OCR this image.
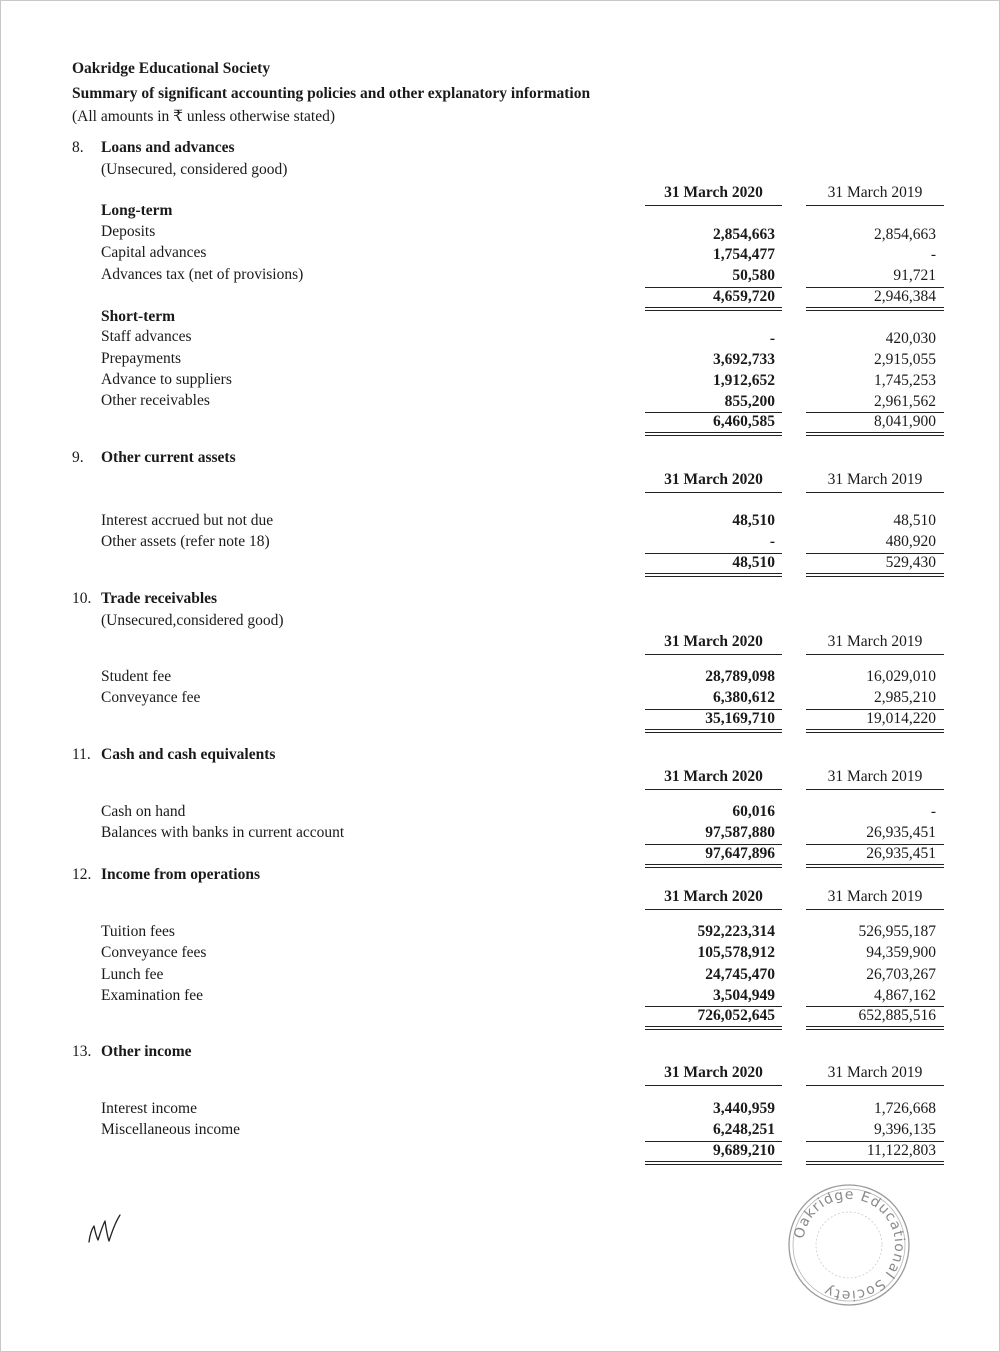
Oakridge Educational Society
Summary of significant accounting policies and other explanatory information
(All amounts in ₹ unless otherwise stated)
8. Loans and advances
(Unsecured, considered good)
31 March 2020	31 March 2019
Long-term
Deposits	2,854,663	2,854,663
Capital advances	1,754,477	-
Advances tax (net of provisions)	50,580	91,721
4,659,720	2,946,384
Short-term
Staff advances	-	420,030
Prepayments	3,692,733	2,915,055
Advance to suppliers	1,912,652	1,745,253
Other receivables	855,200	2,961,562
6,460,585	8,041,900
9. Other current assets
31 March 2020	31 March 2019
Interest accrued but not due	48,510	48,510
Other assets (refer note 18)	-	480,920
48,510	529,430
10. Trade receivables
(Unsecured,considered good)
31 March 2020	31 March 2019
Student fee	28,789,098	16,029,010
Conveyance fee	6,380,612	2,985,210
35,169,710	19,014,220
11. Cash and cash equivalents
31 March 2020	31 March 2019
Cash on hand	60,016	-
Balances with banks in current account	97,587,880	26,935,451
97,647,896	26,935,451
12. Income from operations
31 March 2020	31 March 2019
Tuition fees	592,223,314	526,955,187
Conveyance fees	105,578,912	94,359,900
Lunch fee	24,745,470	26,703,267
Examination fee	3,504,949	4,867,162
726,052,645	652,885,516
13. Other income
31 March 2020	31 March 2019
Interest income	3,440,959	1,726,668
Miscellaneous income	6,248,251	9,396,135
9,689,210	11,122,803
Oakridge Educational Society
